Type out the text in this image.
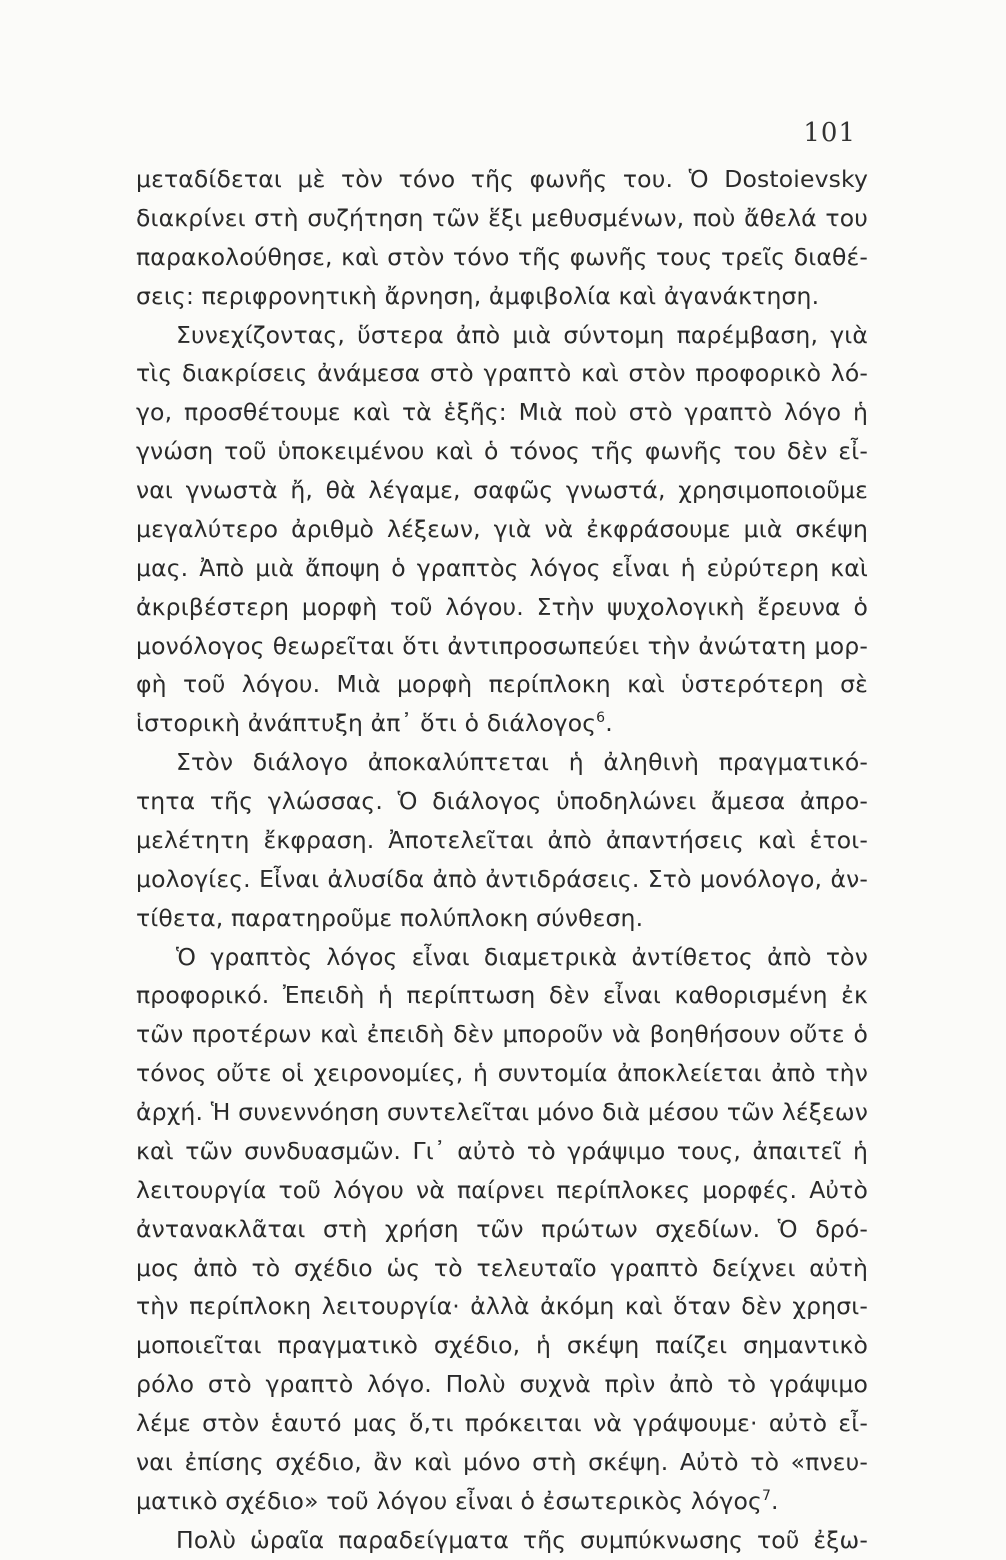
101
μεταδίδεται μὲ τὸν τόνο τῆς φωνῆς του. Ὁ Dostoievsky
διακρίνει στὴ συζήτηση τῶν ἕξι μεθυσμένων, ποὺ ἄθελά του
παρακολούθησε, καὶ στὸν τόνο τῆς φωνῆς τους τρεῖς διαθέ-
σεις: περιφρονητικὴ ἄρνηση, ἀμφιβολία καὶ ἀγανάκτηση.
Συνεχίζοντας, ὕστερα ἀπὸ μιὰ σύντομη παρέμβαση, γιὰ
τὶς διακρίσεις ἀνάμεσα στὸ γραπτὸ καὶ στὸν προφορικὸ λό-
γο, προσθέτουμε καὶ τὰ ἑξῆς: Μιὰ ποὺ στὸ γραπτὸ λόγο ἡ
γνώση τοῦ ὑποκειμένου καὶ ὁ τόνος τῆς φωνῆς του δὲν εἶ-
ναι γνωστὰ ἤ, θὰ λέγαμε, σαφῶς γνωστά, χρησιμοποιοῦμε
μεγαλύτερο ἀριθμὸ λέξεων, γιὰ νὰ ἐκφράσουμε μιὰ σκέψη
μας. Ἀπὸ μιὰ ἄποψη ὁ γραπτὸς λόγος εἶναι ἡ εὐρύτερη καὶ
ἀκριβέστερη μορφὴ τοῦ λόγου. Στὴν ψυχολογικὴ ἔρευνα ὁ
μονόλογος θεωρεῖται ὅτι ἀντιπροσωπεύει τὴν ἀνώτατη μορ-
φὴ τοῦ λόγου. Μιὰ μορφὴ περίπλοκη καὶ ὑστερότερη σὲ
ἱστορικὴ ἀνάπτυξη ἀπ᾿ ὅτι ὁ διάλογος$^6$.
Στὸν διάλογο ἀποκαλύπτεται ἡ ἀληθινὴ πραγματικό-
τητα τῆς γλώσσας. Ὁ διάλογος ὑποδηλώνει ἄμεσα ἀπρο-
μελέτητη ἔκφραση. Ἀποτελεῖται ἀπὸ ἀπαντήσεις καὶ ἑτοι-
μολογίες. Εἶναι ἀλυσίδα ἀπὸ ἀντιδράσεις. Στὸ μονόλογο, ἀν-
τίθετα, παρατηροῦμε πολύπλοκη σύνθεση.
Ὁ γραπτὸς λόγος εἶναι διαμετρικὰ ἀντίθετος ἀπὸ τὸν
προφορικό. Ἐπειδὴ ἡ περίπτωση δὲν εἶναι καθορισμένη ἐκ
τῶν προτέρων καὶ ἐπειδὴ δὲν μποροῦν νὰ βοηθήσουν οὔτε ὁ
τόνος οὔτε οἱ χειρονομίες, ἡ συντομία ἀποκλείεται ἀπὸ τὴν
ἀρχή. Ἡ συνεννόηση συντελεῖται μόνο διὰ μέσου τῶν λέξεων
καὶ τῶν συνδυασμῶν. Γι᾿ αὐτὸ τὸ γράψιμο τους, ἀπαιτεῖ ἡ
λειτουργία τοῦ λόγου νὰ παίρνει περίπλοκες μορφές. Αὐτὸ
ἀντανακλᾶται στὴ χρήση τῶν πρώτων σχεδίων. Ὁ δρό-
μος ἀπὸ τὸ σχέδιο ὡς τὸ τελευταῖο γραπτὸ δείχνει αὐτὴ
τὴν περίπλοκη λειτουργία· ἀλλὰ ἀκόμη καὶ ὅταν δὲν χρησι-
μοποιεῖται πραγματικὸ σχέδιο, ἡ σκέψη παίζει σημαντικὸ
ρόλο στὸ γραπτὸ λόγο. Πολὺ συχνὰ πρὶν ἀπὸ τὸ γράψιμο
λέμε στὸν ἑαυτό μας ὅ,τι πρόκειται νὰ γράψουμε· αὐτὸ εἶ-
ναι ἐπίσης σχέδιο, ἂν καὶ μόνο στὴ σκέψη. Αὐτὸ τὸ «πνευ-
ματικὸ σχέδιο» τοῦ λόγου εἶναι ὁ ἐσωτερικὸς λόγος$^7$.
Πολὺ ὡραῖα παραδείγματα τῆς συμπύκνωσης τοῦ ἐξω-
